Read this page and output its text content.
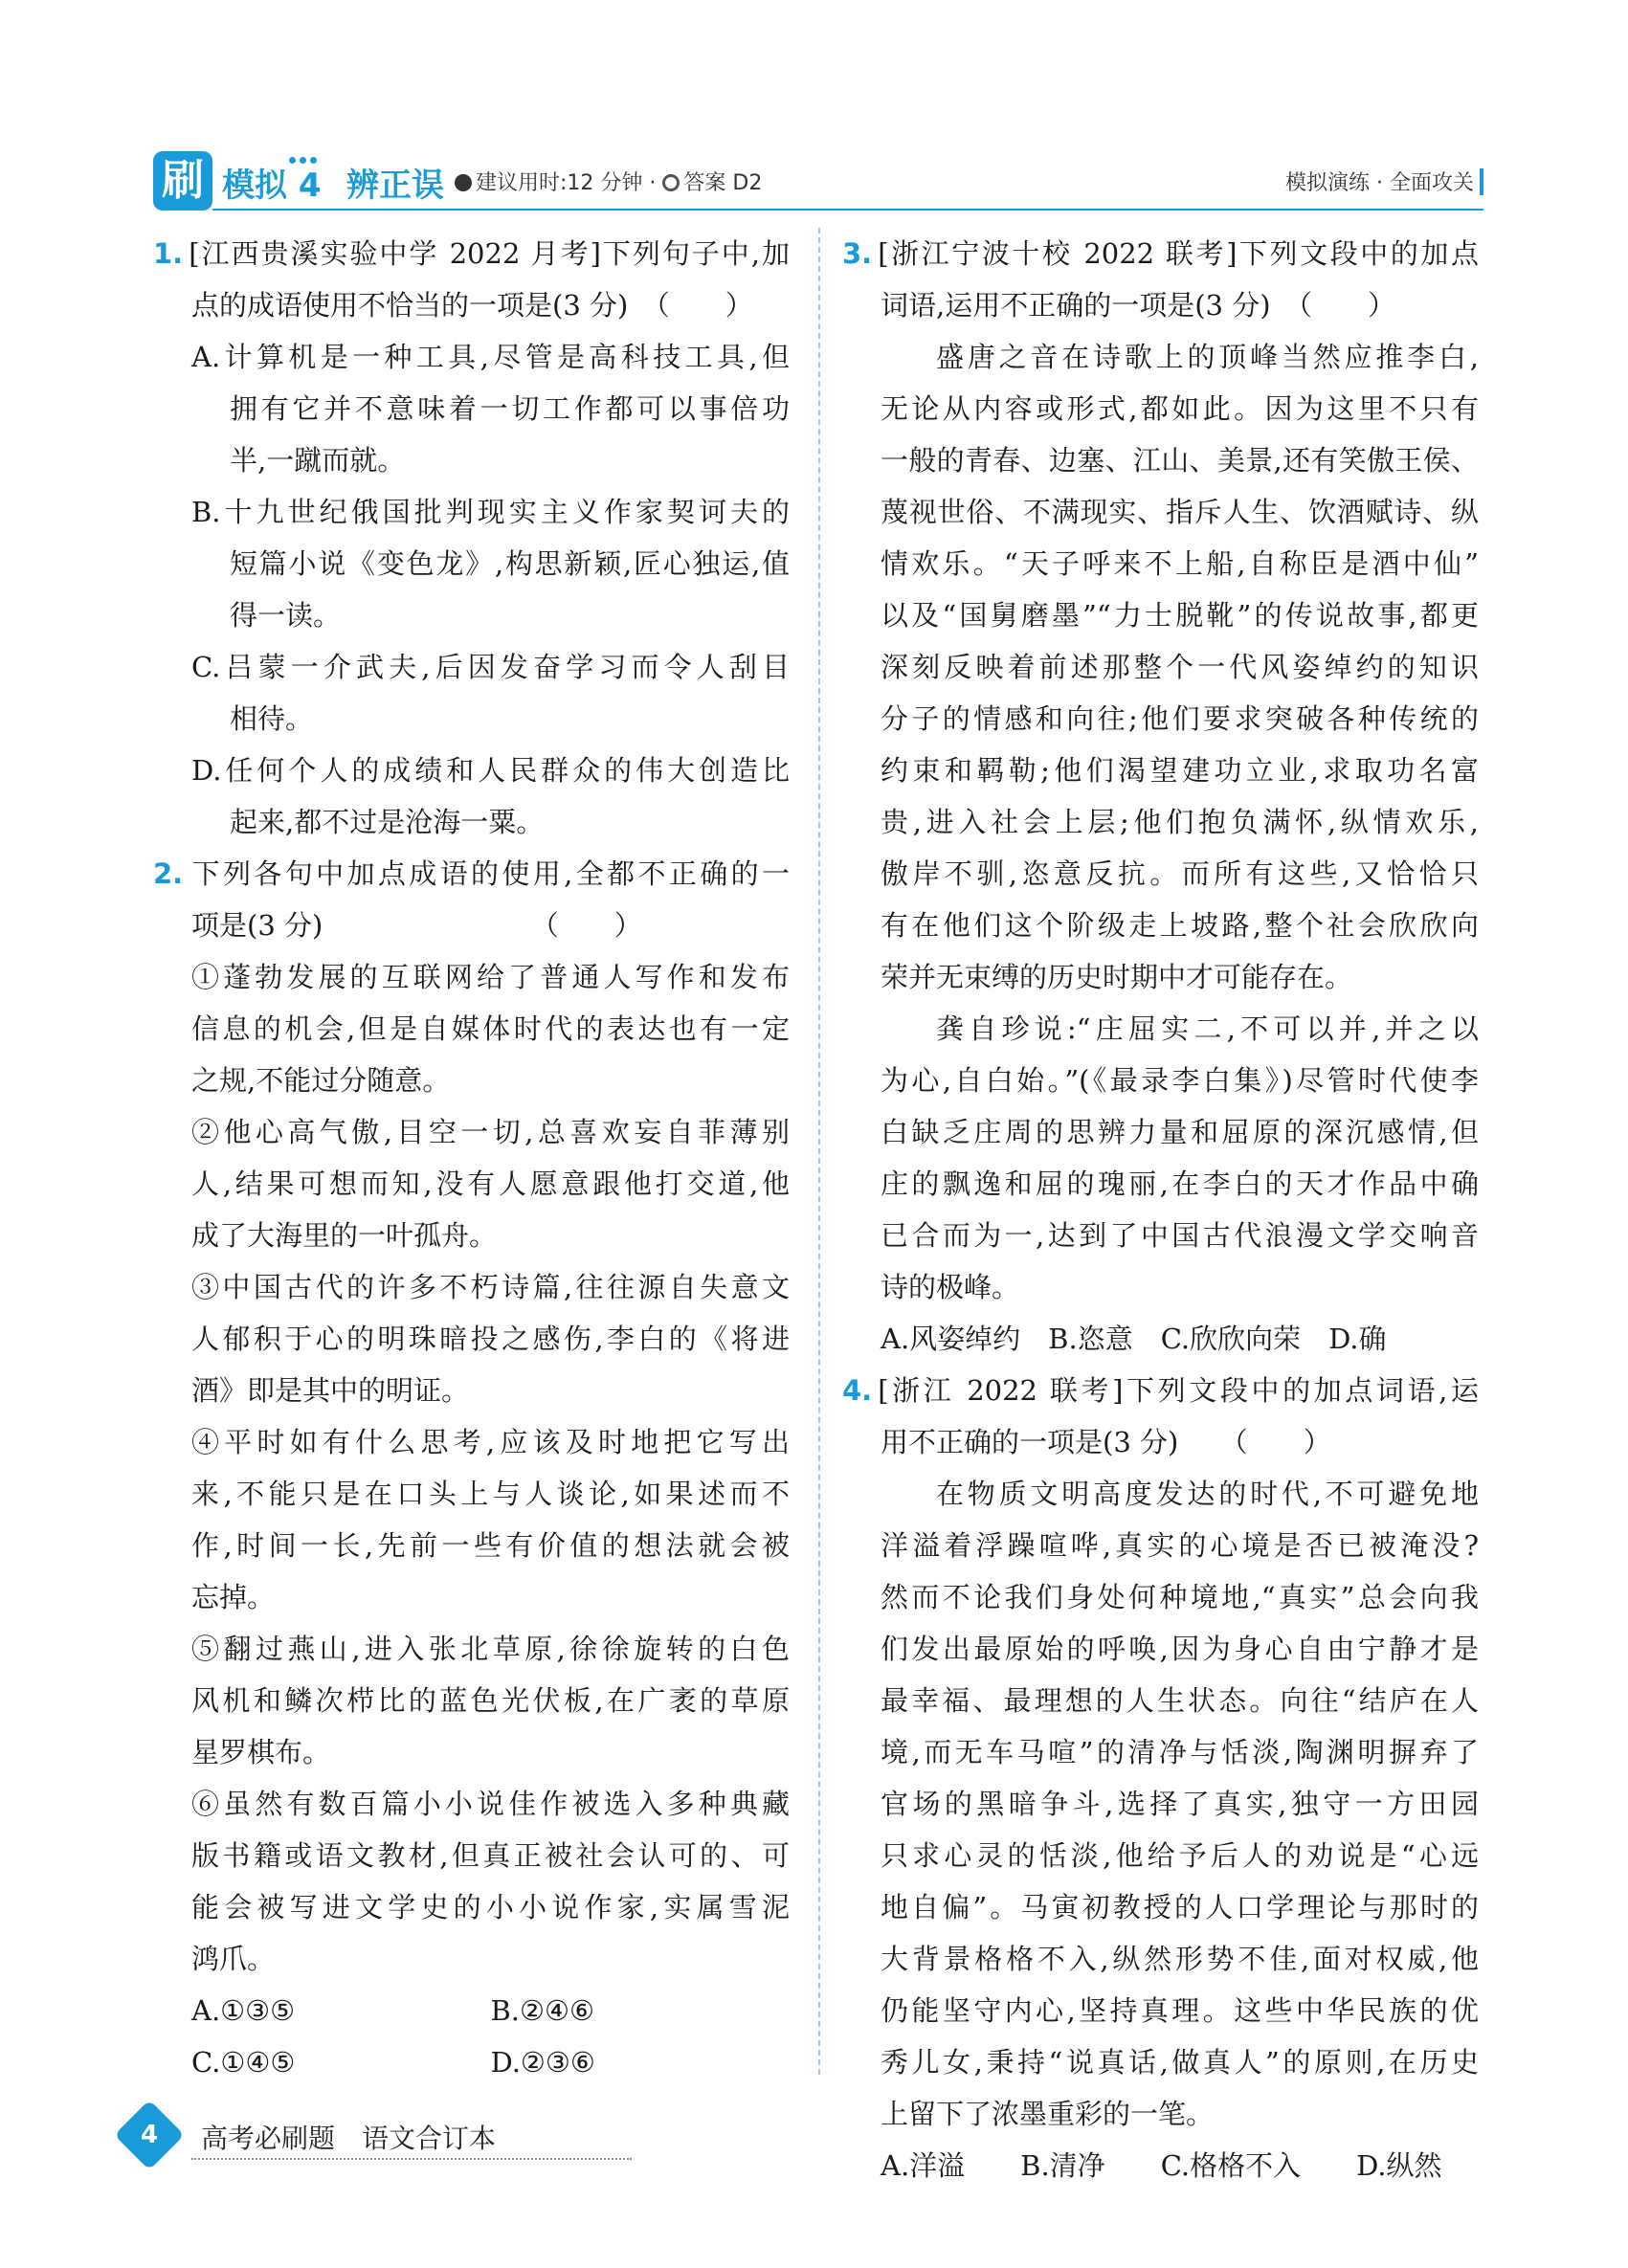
刷 模拟 4 辨正误	建议用时:12 分钟 · 答案 D2	模拟演练 · 全面攻关
1. [江西贵溪实验中学 2022 月考]下列句子中,加
点的成语使用不恰当的一项是(3 分)　（　　）
A.计算机是一种工具,尽管是高科技工具,但
拥有它并不意味着一切工作都可以事倍功
半,一蹴而就。
B.十九世纪俄国批判现实主义作家契诃夫的
短篇小说《变色龙》,构思新颖,匠心独运,值
得一读。
C.吕蒙一介武夫,后因发奋学习而令人刮目
相待。
D.任何个人的成绩和人民群众的伟大创造比
起来,都不过是沧海一粟。
2. 下列各句中加点成语的使用,全都不正确的一
项是(3 分)　　　　　　　　（　　）
①蓬勃发展的互联网给了普通人写作和发布
信息的机会,但是自媒体时代的表达也有一定
之规,不能过分随意。
②他心高气傲,目空一切,总喜欢妄自菲薄别
人,结果可想而知,没有人愿意跟他打交道,他
成了大海里的一叶孤舟。
③中国古代的许多不朽诗篇,往往源自失意文
人郁积于心的明珠暗投之感伤,李白的《将进
酒》即是其中的明证。
④平时如有什么思考,应该及时地把它写出
来,不能只是在口头上与人谈论,如果述而不
作,时间一长,先前一些有价值的想法就会被
忘掉。
⑤翻过燕山,进入张北草原,徐徐旋转的白色
风机和鳞次栉比的蓝色光伏板,在广袤的草原
星罗棋布。
⑥虽然有数百篇小小说佳作被选入多种典藏
版书籍或语文教材,但真正被社会认可的、可
能会被写进文学史的小小说作家,实属雪泥
鸿爪。
A.①③⑤	B.②④⑥
C.①④⑤	D.②③⑥
3. [浙江宁波十校 2022 联考]下列文段中的加点
词语,运用不正确的一项是(3 分)　（　　）
盛唐之音在诗歌上的顶峰当然应推李白,
无论从内容或形式,都如此。因为这里不只有
一般的青春、边塞、江山、美景,还有笑傲王侯、
蔑视世俗、不满现实、指斥人生、饮酒赋诗、纵
情欢乐。“天子呼来不上船,自称臣是酒中仙”
以及“国舅磨墨”“力士脱靴”的传说故事,都更
深刻反映着前述那整个一代风姿绰约的知识
分子的情感和向往;他们要求突破各种传统的
约束和羁勒;他们渴望建功立业,求取功名富
贵,进入社会上层;他们抱负满怀,纵情欢乐,
傲岸不驯,恣意反抗。而所有这些,又恰恰只
有在他们这个阶级走上坡路,整个社会欣欣向
荣并无束缚的历史时期中才可能存在。
龚自珍说:“庄屈实二,不可以并,并之以
为心,自白始。”(《最录李白集》)尽管时代使李
白缺乏庄周的思辨力量和屈原的深沉感情,但
庄的飘逸和屈的瑰丽,在李白的天才作品中确
已合而为一,达到了中国古代浪漫文学交响音
诗的极峰。
A.风姿绰约　B.恣意　C.欣欣向荣　D.确
4. [浙江 2022 联考]下列文段中的加点词语,运
用不正确的一项是(3 分)　　（　　）
在物质文明高度发达的时代,不可避免地
洋溢着浮躁喧哗,真实的心境是否已被淹没?
然而不论我们身处何种境地,“真实”总会向我
们发出最原始的呼唤,因为身心自由宁静才是
最幸福、最理想的人生状态。向往“结庐在人
境,而无车马喧”的清净与恬淡,陶渊明摒弃了
官场的黑暗争斗,选择了真实,独守一方田园
只求心灵的恬淡,他给予后人的劝说是“心远
地自偏”。马寅初教授的人口学理论与那时的
大背景格格不入,纵然形势不佳,面对权威,他
仍能坚守内心,坚持真理。这些中华民族的优
秀儿女,秉持“说真话,做真人”的原则,在历史
上留下了浓墨重彩的一笔。
A.洋溢　　B.清净　　C.格格不入　　D.纵然
4	高考必刷题　语文合订本
